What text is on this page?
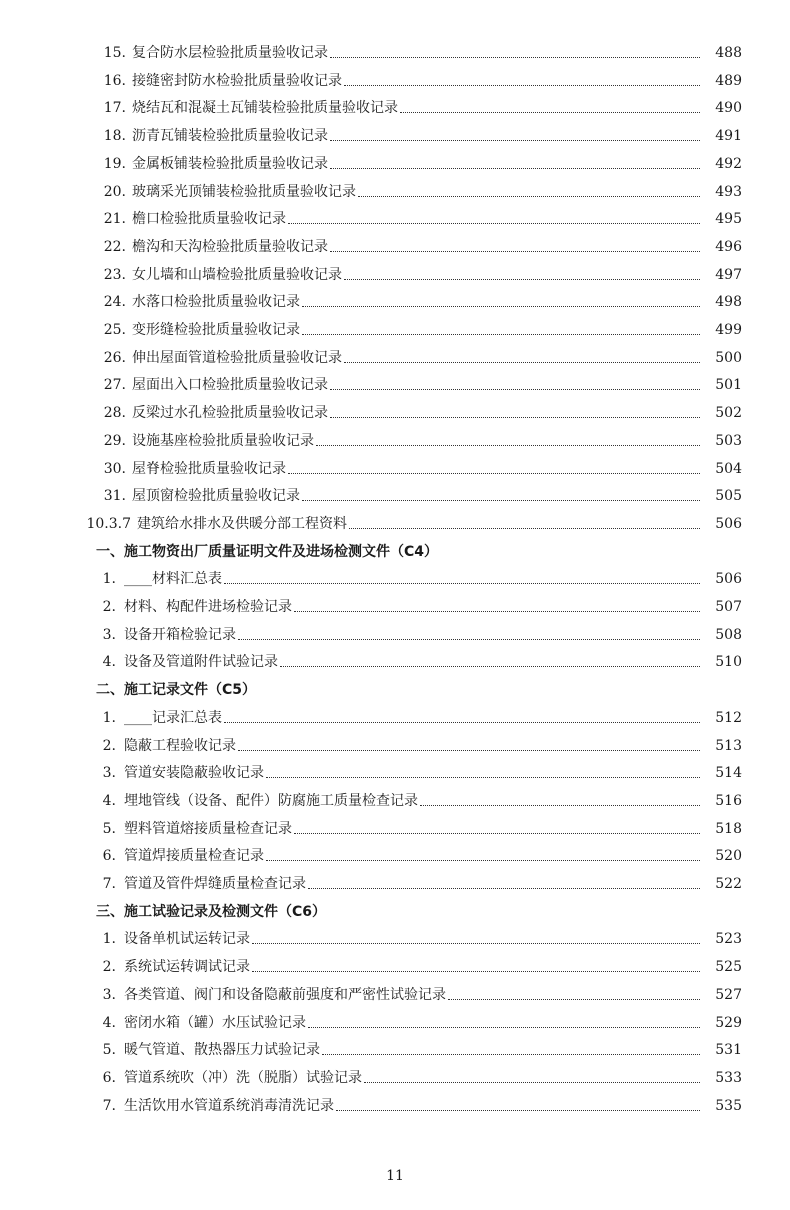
15. 复合防水层检验批质量验收记录	488
16. 接缝密封防水检验批质量验收记录	489
17. 烧结瓦和混凝土瓦铺装检验批质量验收记录	490
18. 沥青瓦铺装检验批质量验收记录	491
19. 金属板铺装检验批质量验收记录	492
20. 玻璃采光顶铺装检验批质量验收记录	493
21. 檐口检验批质量验收记录	495
22. 檐沟和天沟检验批质量验收记录	496
23. 女儿墙和山墙检验批质量验收记录	497
24. 水落口检验批质量验收记录	498
25. 变形缝检验批质量验收记录	499
26. 伸出屋面管道检验批质量验收记录	500
27. 屋面出入口检验批质量验收记录	501
28. 反梁过水孔检验批质量验收记录	502
29. 设施基座检验批质量验收记录	503
30. 屋脊检验批质量验收记录	504
31. 屋顶窗检验批质量验收记录	505
10.3.7 建筑给水排水及供暖分部工程资料	506
一、施工物资出厂质量证明文件及进场检测文件（C4）
1. ____材料汇总表	506
2. 材料、构配件进场检验记录	507
3. 设备开箱检验记录	508
4. 设备及管道附件试验记录	510
二、施工记录文件（C5）
1. ____记录汇总表	512
2. 隐蔽工程验收记录	513
3. 管道安装隐蔽验收记录	514
4. 埋地管线（设备、配件）防腐施工质量检查记录	516
5. 塑料管道熔接质量检查记录	518
6. 管道焊接质量检查记录	520
7. 管道及管件焊缝质量检查记录	522
三、施工试验记录及检测文件（C6）
1. 设备单机试运转记录	523
2. 系统试运转调试记录	525
3. 各类管道、阀门和设备隐蔽前强度和严密性试验记录	527
4. 密闭水箱（罐）水压试验记录	529
5. 暖气管道、散热器压力试验记录	531
6. 管道系统吹（冲）洗（脱脂）试验记录	533
7. 生活饮用水管道系统消毒清洗记录	535
11
